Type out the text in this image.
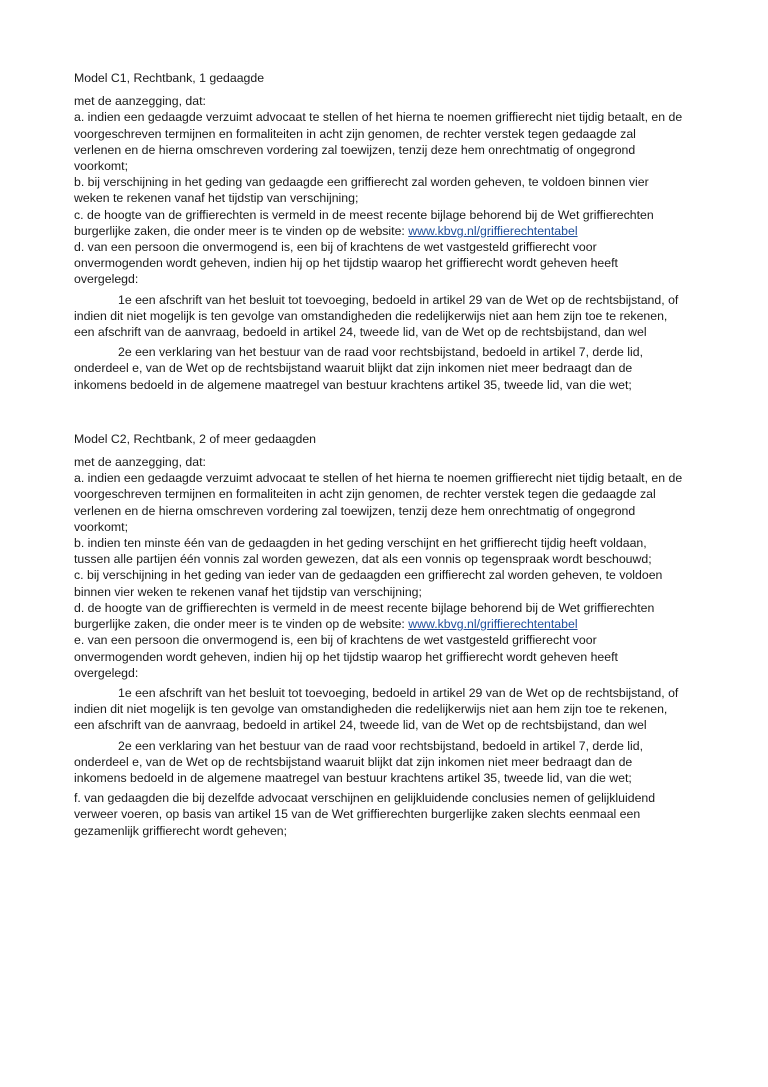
Model C1, Rechtbank, 1 gedaagde

met de aanzegging, dat:

a. indien een gedaagde verzuimt advocaat te stellen of het hierna te noemen griffierecht niet tijdig betaalt, en de voorgeschreven termijnen en formaliteiten in acht zijn genomen, de rechter verstek tegen gedaagde zal verlenen en de hierna omschreven vordering zal toewijzen, tenzij deze hem onrechtmatig of ongegrond voorkomt;

b. bij verschijning in het geding van gedaagde een griffierecht zal worden geheven, te voldoen binnen vier weken te rekenen vanaf het tijdstip van verschijning;

c. de hoogte van de griffierechten is vermeld in de meest recente bijlage behorend bij de Wet griffierechten burgerlijke zaken, die onder meer is te vinden op de website: www.kbvg.nl/griffierechtentabel

d. van een persoon die onvermogend is, een bij of krachtens de wet vastgesteld griffierecht voor onvermogenden wordt geheven, indien hij op het tijdstip waarop het griffierecht wordt geheven heeft overgelegd:

1e een afschrift van het besluit tot toevoeging, bedoeld in artikel 29 van de Wet op de rechtsbijstand, of indien dit niet mogelijk is ten gevolge van omstandigheden die redelijkerwijs niet aan hem zijn toe te rekenen, een afschrift van de aanvraag, bedoeld in artikel 24, tweede lid, van de Wet op de rechtsbijstand, dan wel

2e een verklaring van het bestuur van de raad voor rechtsbijstand, bedoeld in artikel 7, derde lid, onderdeel e, van de Wet op de rechtsbijstand waaruit blijkt dat zijn inkomen niet meer bedraagt dan de inkomens bedoeld in de algemene maatregel van bestuur krachtens artikel 35, tweede lid, van die wet;

Model C2, Rechtbank, 2 of meer gedaagden

met de aanzegging, dat:

a. indien een gedaagde verzuimt advocaat te stellen of het hierna te noemen griffierecht niet tijdig betaalt, en de voorgeschreven termijnen en formaliteiten in acht zijn genomen, de rechter verstek tegen die gedaagde zal verlenen en de hierna omschreven vordering zal toewijzen, tenzij deze hem onrechtmatig of ongegrond voorkomt;

b. indien ten minste één van de gedaagden in het geding verschijnt en het griffierecht tijdig heeft voldaan, tussen alle partijen één vonnis zal worden gewezen, dat als een vonnis op tegenspraak wordt beschouwd;

c. bij verschijning in het geding van ieder van de gedaagden een griffierecht zal worden geheven, te voldoen binnen vier weken te rekenen vanaf het tijdstip van verschijning;

d. de hoogte van de griffierechten is vermeld in de meest recente bijlage behorend bij de Wet griffierechten burgerlijke zaken, die onder meer is te vinden op de website: www.kbvg.nl/griffierechtentabel

e. van een persoon die onvermogend is, een bij of krachtens de wet vastgesteld griffierecht voor onvermogenden wordt geheven, indien hij op het tijdstip waarop het griffierecht wordt geheven heeft overgelegd:

1e een afschrift van het besluit tot toevoeging, bedoeld in artikel 29 van de Wet op de rechtsbijstand, of indien dit niet mogelijk is ten gevolge van omstandigheden die redelijkerwijs niet aan hem zijn toe te rekenen, een afschrift van de aanvraag, bedoeld in artikel 24, tweede lid, van de Wet op de rechtsbijstand, dan wel

2e een verklaring van het bestuur van de raad voor rechtsbijstand, bedoeld in artikel 7, derde lid, onderdeel e, van de Wet op de rechtsbijstand waaruit blijkt dat zijn inkomen niet meer bedraagt dan de inkomens bedoeld in de algemene maatregel van bestuur krachtens artikel 35, tweede lid, van die wet;

f. van gedaagden die bij dezelfde advocaat verschijnen en gelijkluidende conclusies nemen of gelijkluidend verweer voeren, op basis van artikel 15 van de Wet griffierechten burgerlijke zaken slechts eenmaal een gezamenlijk griffierecht wordt geheven;
